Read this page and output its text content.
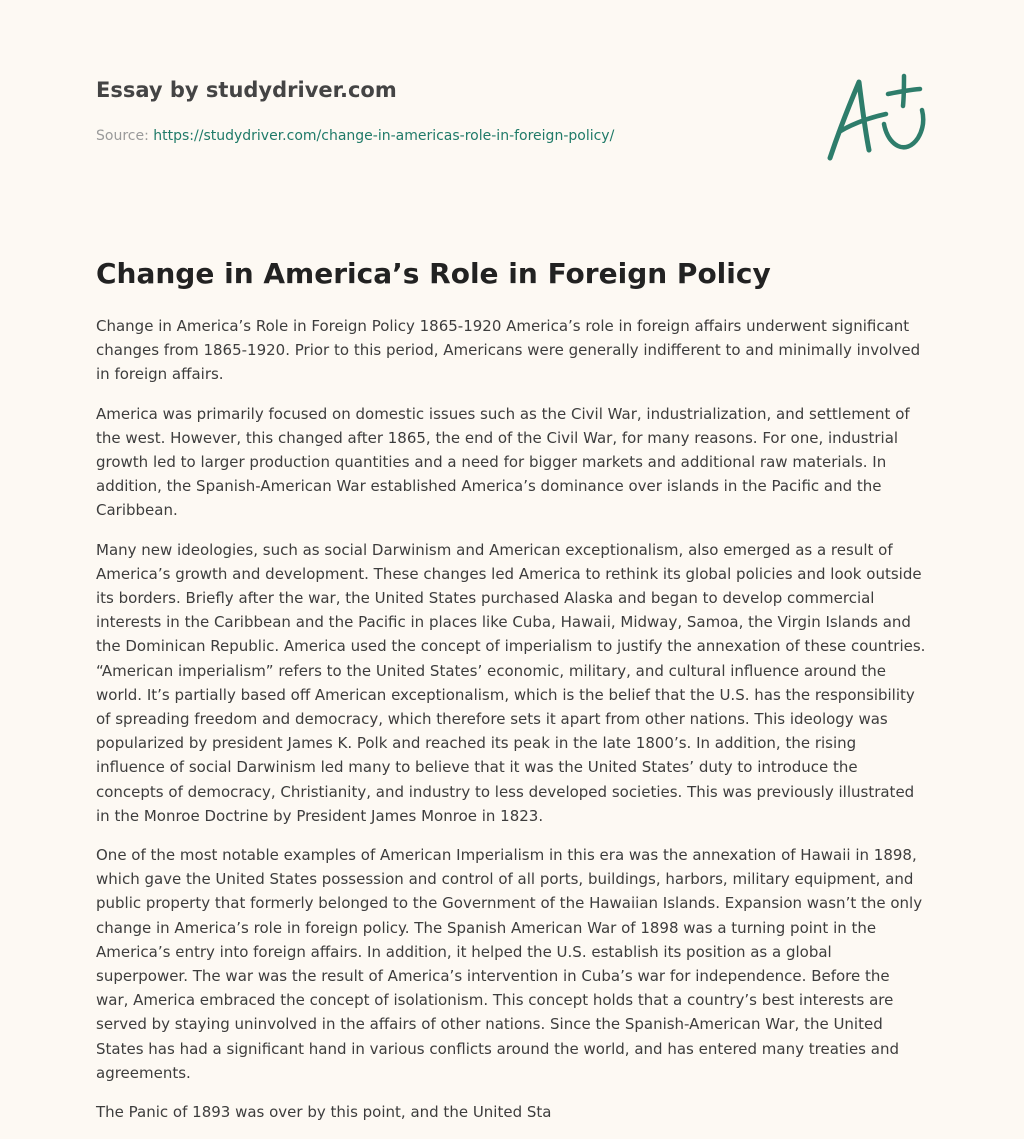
Essay by studydriver.com
Source: https://studydriver.com/change-in-americas-role-in-foreign-policy/
Change in America’s Role in Foreign Policy

Change in America’s Role in Foreign Policy 1865-1920 America’s role in foreign affairs underwent significant changes from 1865-1920. Prior to this period, Americans were generally indifferent to and minimally involved in foreign affairs.

America was primarily focused on domestic issues such as the Civil War, industrialization, and settlement of the west. However, this changed after 1865, the end of the Civil War, for many reasons. For one, industrial growth led to larger production quantities and a need for bigger markets and additional raw materials. In addition, the Spanish-American War established America’s dominance over islands in the Pacific and the Caribbean.

Many new ideologies, such as social Darwinism and American exceptionalism, also emerged as a result of America’s growth and development. These changes led America to rethink its global policies and look outside its borders. Briefly after the war, the United States purchased Alaska and began to develop commercial interests in the Caribbean and the Pacific in places like Cuba, Hawaii, Midway, Samoa, the Virgin Islands and the Dominican Republic. America used the concept of imperialism to justify the annexation of these countries. “American imperialism” refers to the United States’ economic, military, and cultural influence around the world. It’s partially based off American exceptionalism, which is the belief that the U.S. has the responsibility of spreading freedom and democracy, which therefore sets it apart from other nations. This ideology was popularized by president James K. Polk and reached its peak in the late 1800’s. In addition, the rising influence of social Darwinism led many to believe that it was the United States’ duty to introduce the concepts of democracy, Christianity, and industry to less developed societies. This was previously illustrated in the Monroe Doctrine by President James Monroe in 1823.

One of the most notable examples of American Imperialism in this era was the annexation of Hawaii in 1898, which gave the United States possession and control of all ports, buildings, harbors, military equipment, and public property that formerly belonged to the Government of the Hawaiian Islands. Expansion wasn’t the only change in America’s role in foreign policy. The Spanish American War of 1898 was a turning point in the America’s entry into foreign affairs. In addition, it helped the U.S. establish its position as a global superpower. The war was the result of America’s intervention in Cuba’s war for independence. Before the war, America embraced the concept of isolationism. This concept holds that a country’s best interests are served by staying uninvolved in the affairs of other nations. Since the Spanish-American War, the United States has had a significant hand in various conflicts around the world, and has entered many treaties and agreements.

The Panic of 1893 was over by this point, and the United Sta
